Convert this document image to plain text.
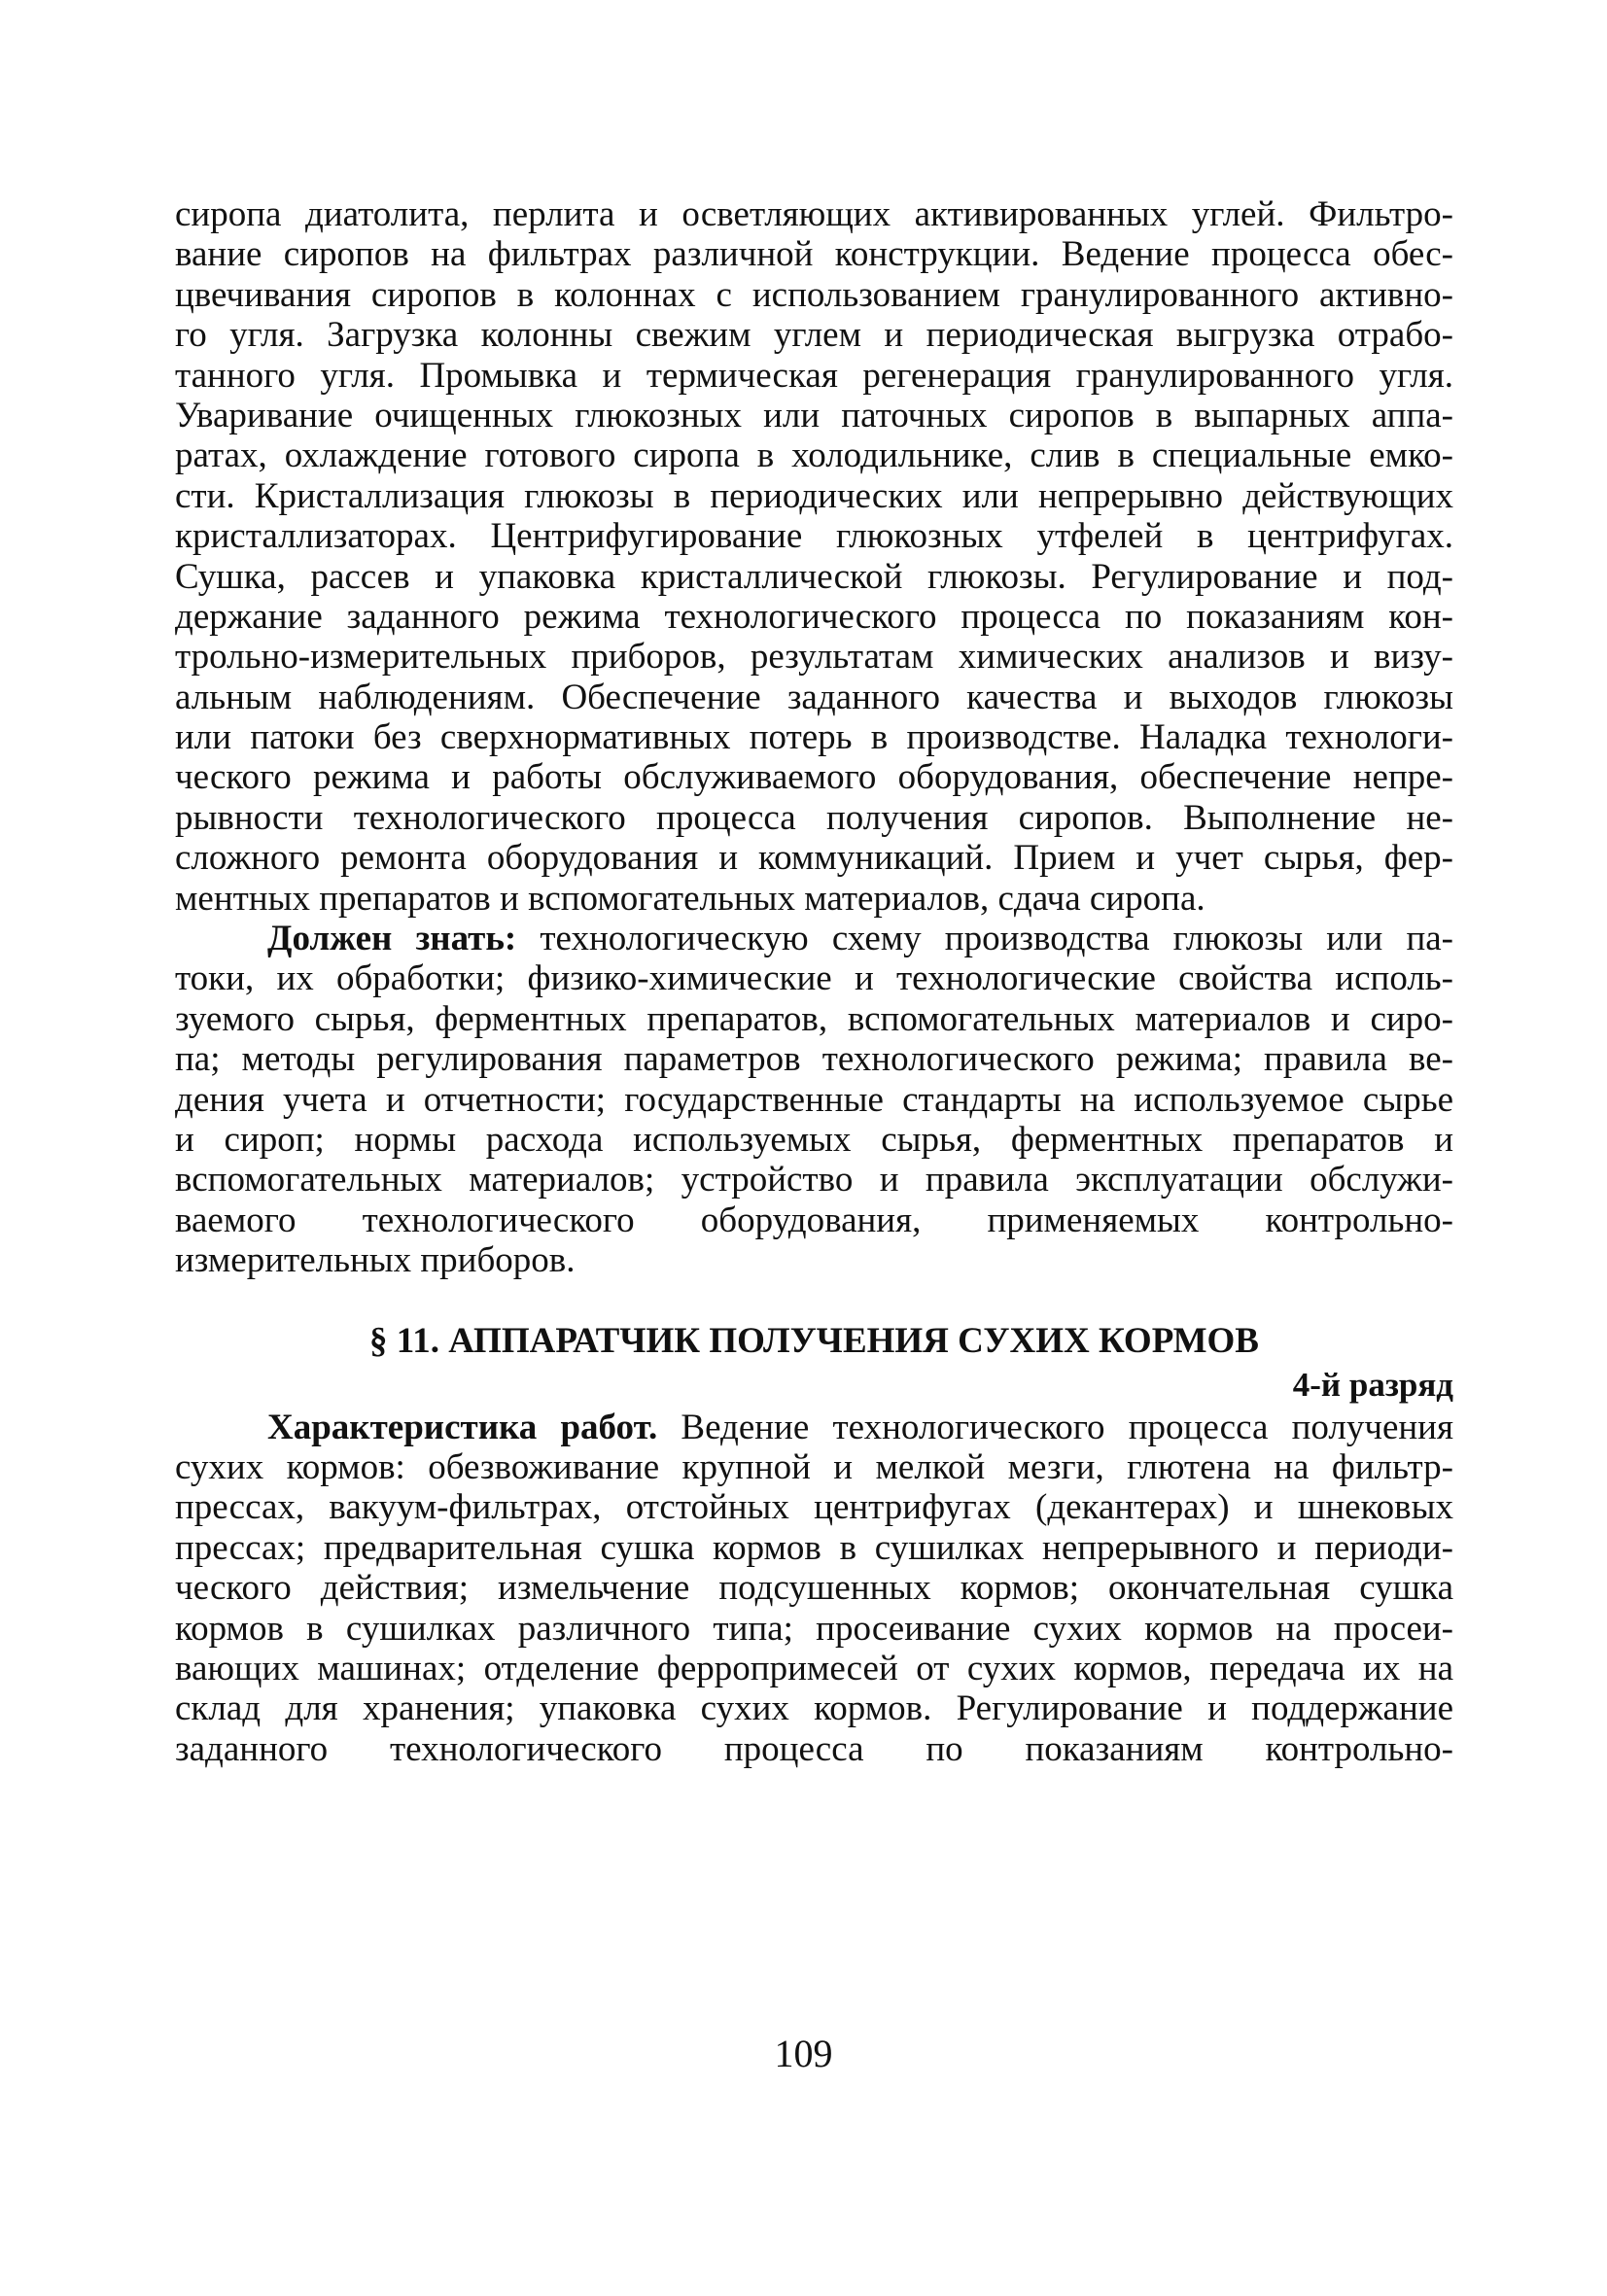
сиропа диатолита, перлита и осветляющих активированных углей. Фильтро-
вание сиропов на фильтрах различной конструкции. Ведение процесса обес-
цвечивания сиропов в колоннах с использованием гранулированного активно-
го угля. Загрузка колонны свежим углем и периодическая выгрузка отрабо-
танного угля. Промывка и термическая регенерация гранулированного угля.
Уваривание очищенных глюкозных или паточных сиропов в выпарных аппа-
ратах, охлаждение готового сиропа в холодильнике, слив в специальные емко-
сти. Кристаллизация глюкозы в периодических или непрерывно действующих
кристаллизаторах. Центрифугирование глюкозных утфелей в центрифугах.
Сушка, рассев и упаковка кристаллической глюкозы. Регулирование и под-
держание заданного режима технологического процесса по показаниям кон-
трольно-измерительных приборов, результатам химических анализов и визу-
альным наблюдениям. Обеспечение заданного качества и выходов глюкозы
или патоки без сверхнормативных потерь в производстве. Наладка технологи-
ческого режима и работы обслуживаемого оборудования, обеспечение непре-
рывности технологического процесса получения сиропов. Выполнение не-
сложного ремонта оборудования и коммуникаций. Прием и учет сырья, фер-
ментных препаратов и вспомогательных материалов, сдача сиропа.
Должен знать: технологическую схему производства глюкозы или па-
токи, их обработки; физико-химические и технологические свойства исполь-
зуемого сырья, ферментных препаратов, вспомогательных материалов и сиро-
па; методы регулирования параметров технологического режима; правила ве-
дения учета и отчетности; государственные стандарты на используемое сырье
и сироп; нормы расхода используемых сырья, ферментных препаратов и
вспомогательных материалов; устройство и правила эксплуатации обслужи-
ваемого технологического оборудования, применяемых контрольно-
измерительных приборов.
§ 11. АППАРАТЧИК ПОЛУЧЕНИЯ СУХИХ КОРМОВ
4-й разряд
Характеристика работ. Ведение технологического процесса получения
сухих кормов: обезвоживание крупной и мелкой мезги, глютена на фильтр-
прессах, вакуум-фильтрах, отстойных центрифугах (декантерах) и шнековых
прессах; предварительная сушка кормов в сушилках непрерывного и периоди-
ческого действия; измельчение подсушенных кормов; окончательная сушка
кормов в сушилках различного типа; просеивание сухих кормов на просеи-
вающих машинах; отделение ферропримесей от сухих кормов, передача их на
склад для хранения; упаковка сухих кормов. Регулирование и поддержание
заданного технологического процесса по показаниям контрольно-
109
